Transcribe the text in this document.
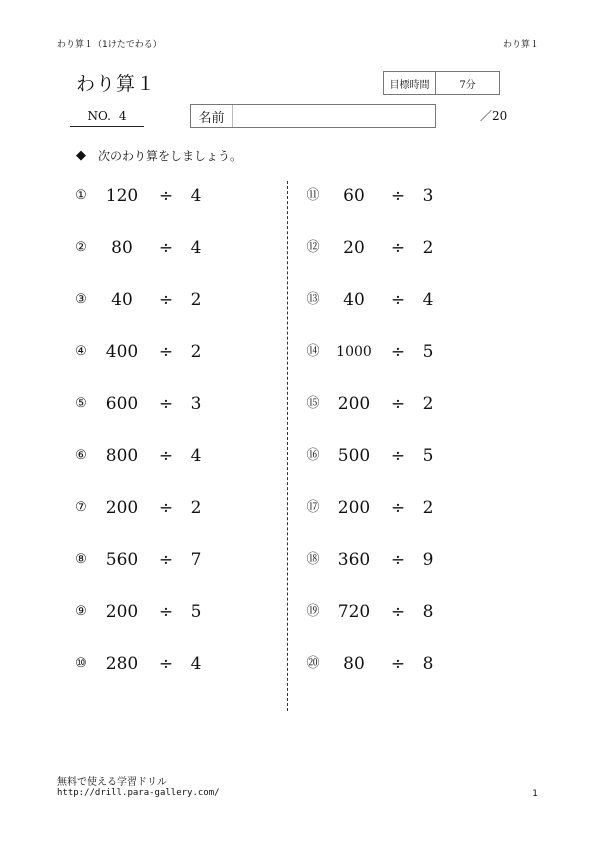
わり算１（1けたでわる）	わり算１
わり算１	目標時間	7分
NO. 4	名前	／20
◆ 次のわり算をしましょう。
①	120	÷	4
②	80	÷	4
③	40	÷	2
④	400	÷	2
⑤	600	÷	3
⑥	800	÷	4
⑦	200	÷	2
⑧	560	÷	7
⑨	200	÷	5
⑩	280	÷	4
⑪	60	÷	3
⑫	20	÷	2
⑬	40	÷	4
⑭	1000	÷	5
⑮	200	÷	2
⑯	500	÷	5
⑰	200	÷	2
⑱	360	÷	9
⑲	720	÷	8
⑳	80	÷	8
無料で使える学習ドリル
http://drill.para-gallery.com/	1
